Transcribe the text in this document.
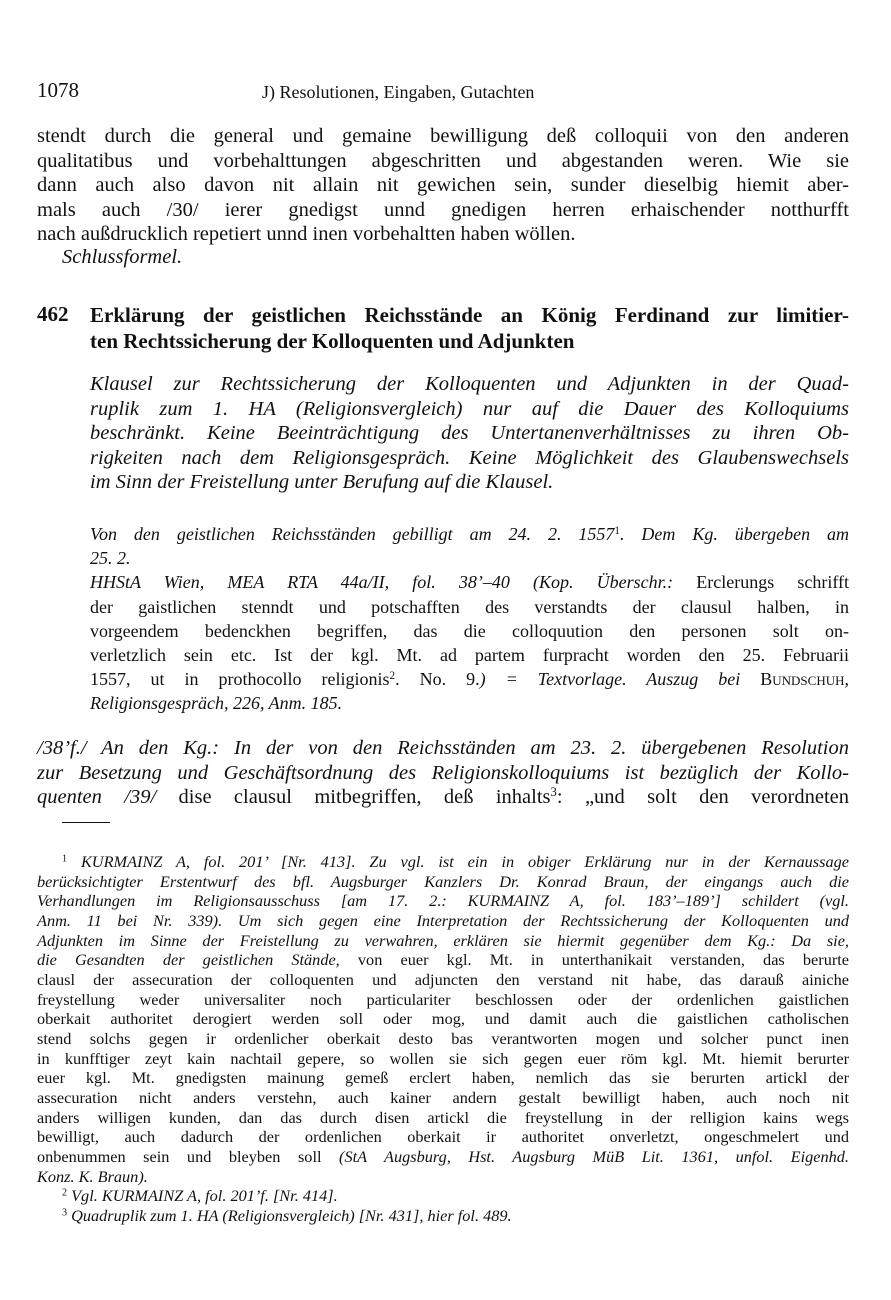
1078	J) Resolutionen, Eingaben, Gutachten
stendt durch die general und gemaine bewilligung deß colloquii von den anderen
qualitatibus und vorbehalttungen abgeschritten und abgestanden weren. Wie sie
dann auch also davon nit allain nit gewichen sein, sunder dieselbig hiemit aber-
mals auch /30/ ierer gnedigst unnd gnedigen herren erhaischender notthurfft
nach außdrucklich repetiert unnd inen vorbehaltten haben wöllen.
Schlussformel.
462 Erklärung der geistlichen Reichsstände an König Ferdinand zur limitier-
ten Rechtssicherung der Kolloquenten und Adjunkten
Klausel zur Rechtssicherung der Kolloquenten und Adjunkten in der Quad-
ruplik zum 1. HA (Religionsvergleich) nur auf die Dauer des Kolloquiums
beschränkt. Keine Beeinträchtigung des Untertanenverhältnisses zu ihren Ob-
rigkeiten nach dem Religionsgespräch. Keine Möglichkeit des Glaubenswechsels
im Sinn der Freistellung unter Berufung auf die Klausel.
Von den geistlichen Reichsständen gebilligt am 24. 2. 1557$^1$. Dem Kg. übergeben am
25. 2.
HHStA Wien, MEA RTA 44a/II, fol. 38’–40 (Kop. Überschr.: Erclerungs schrifft
der gaistlichen stenndt und potschafften des verstandts der clausul halben, in
vorgeendem bedenckhen begriffen, das die colloquution den personen solt on-
verletzlich sein etc. Ist der kgl. Mt. ad partem furpracht worden den 25. Februarii
1557, ut in prothocollo religionis$^2$. No. 9.) = Textvorlage. Auszug bei Bundschuh,
Religionsgespräch, 226, Anm. 185.
/38’f./ An den Kg.: In der von den Reichsständen am 23. 2. übergebenen Resolution
zur Besetzung und Geschäftsordnung des Religionskolloquiums ist bezüglich der Kollo-
quenten /39/ dise clausul mitbegriffen, deß inhalts$^3$: „und solt den verordneten
$^1$ KURMAINZ A, fol. 201’ [Nr. 413]. Zu vgl. ist ein in obiger Erklärung nur in der Kernaussage
berücksichtigter Erstentwurf des bfl. Augsburger Kanzlers Dr. Konrad Braun, der eingangs auch die
Verhandlungen im Religionsausschuss [am 17. 2.: KURMAINZ A, fol. 183’–189’] schildert (vgl.
Anm. 11 bei Nr. 339). Um sich gegen eine Interpretation der Rechtssicherung der Kolloquenten und
Adjunkten im Sinne der Freistellung zu verwahren, erklären sie hiermit gegenüber dem Kg.: Da sie,
die Gesandten der geistlichen Stände, von euer kgl. Mt. in unterthanikait verstanden, das berurte
clausl der assecuration der colloquenten und adjuncten den verstand nit habe, das darauß ainiche
freystellung weder universaliter noch particulariter beschlossen oder der ordenlichen gaistlichen
oberkait authoritet derogiert werden soll oder mog, und damit auch die gaistlichen catholischen
stend solchs gegen ir ordenlicher oberkait desto bas verantworten mogen und solcher punct inen
in kunfftiger zeyt kain nachtail gepere, so wollen sie sich gegen euer röm kgl. Mt. hiemit berurter
euer kgl. Mt. gnedigsten mainung gemeß erclert haben, nemlich das sie berurten artickl der
assecuration nicht anders verstehn, auch kainer andern gestalt bewilligt haben, auch noch nit
anders willigen kunden, dan das durch disen artickl die freystellung in der relligion kains wegs
bewilligt, auch dadurch der ordenlichen oberkait ir authoritet onverletzt, ongeschmelert und
onbenummen sein und bleyben soll (StA Augsburg, Hst. Augsburg MüB Lit. 1361, unfol. Eigenhd.
Konz. K. Braun).
$^2$ Vgl. KURMAINZ A, fol. 201’f. [Nr. 414].
$^3$ Quadruplik zum 1. HA (Religionsvergleich) [Nr. 431], hier fol. 489.
